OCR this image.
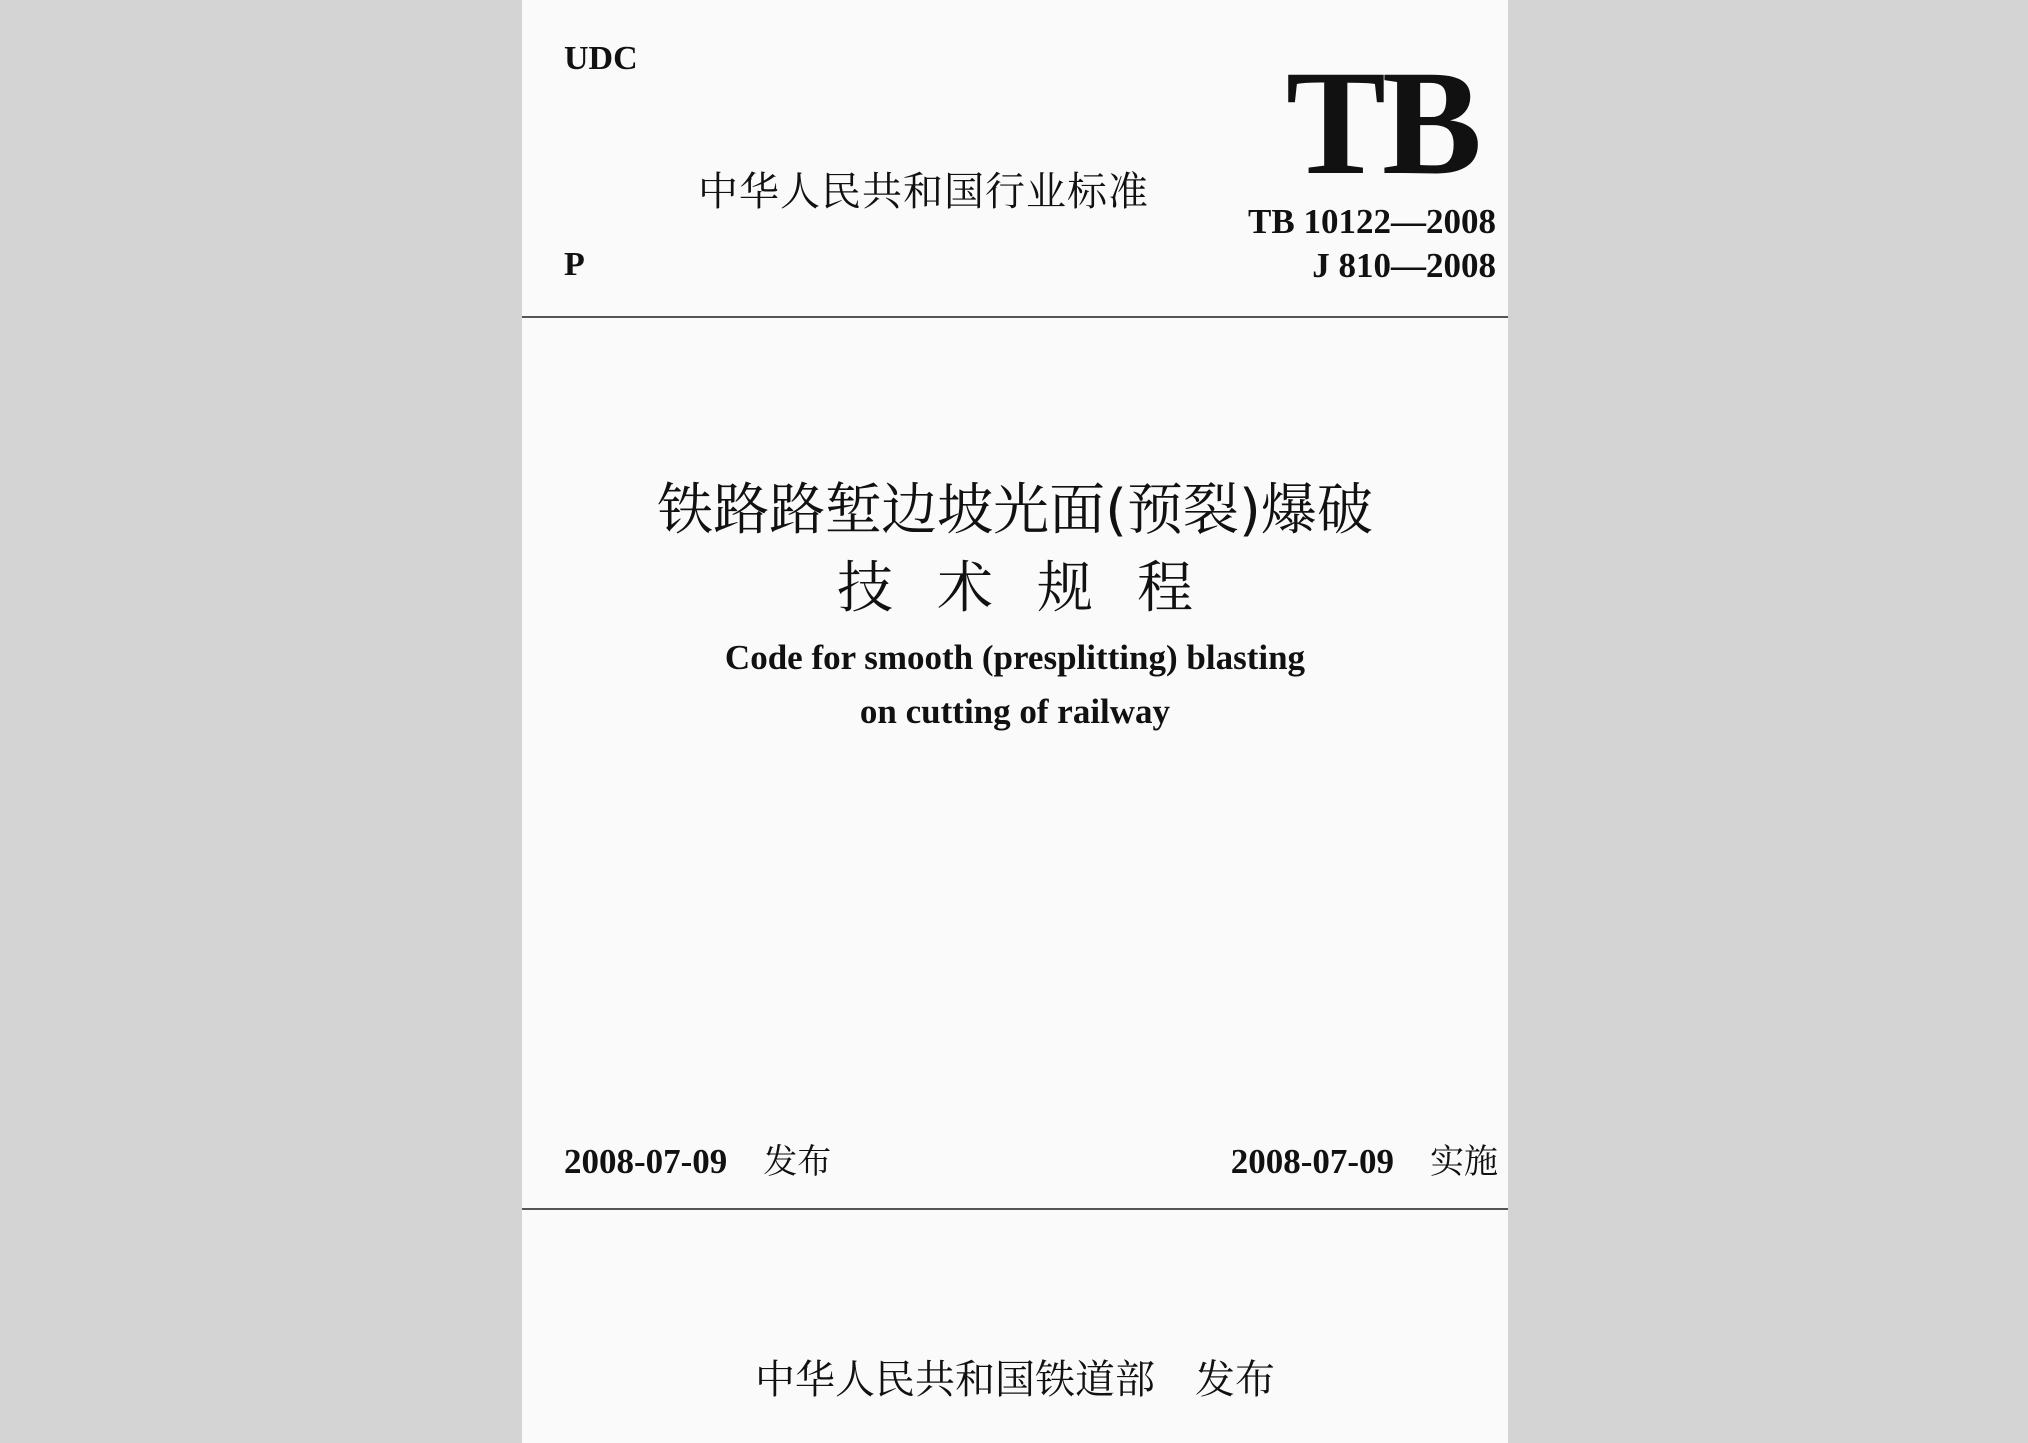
UDC
中华人民共和国行业标准 TB
TB 10122—2008
P	J 810—2008
铁路路堑边坡光面(预裂)爆破
技术规程
Code for smooth (presplitting) blasting
on cutting of railway
2008-07-09 发布	2008-07-09 实施
中华人民共和国铁道部 发布
